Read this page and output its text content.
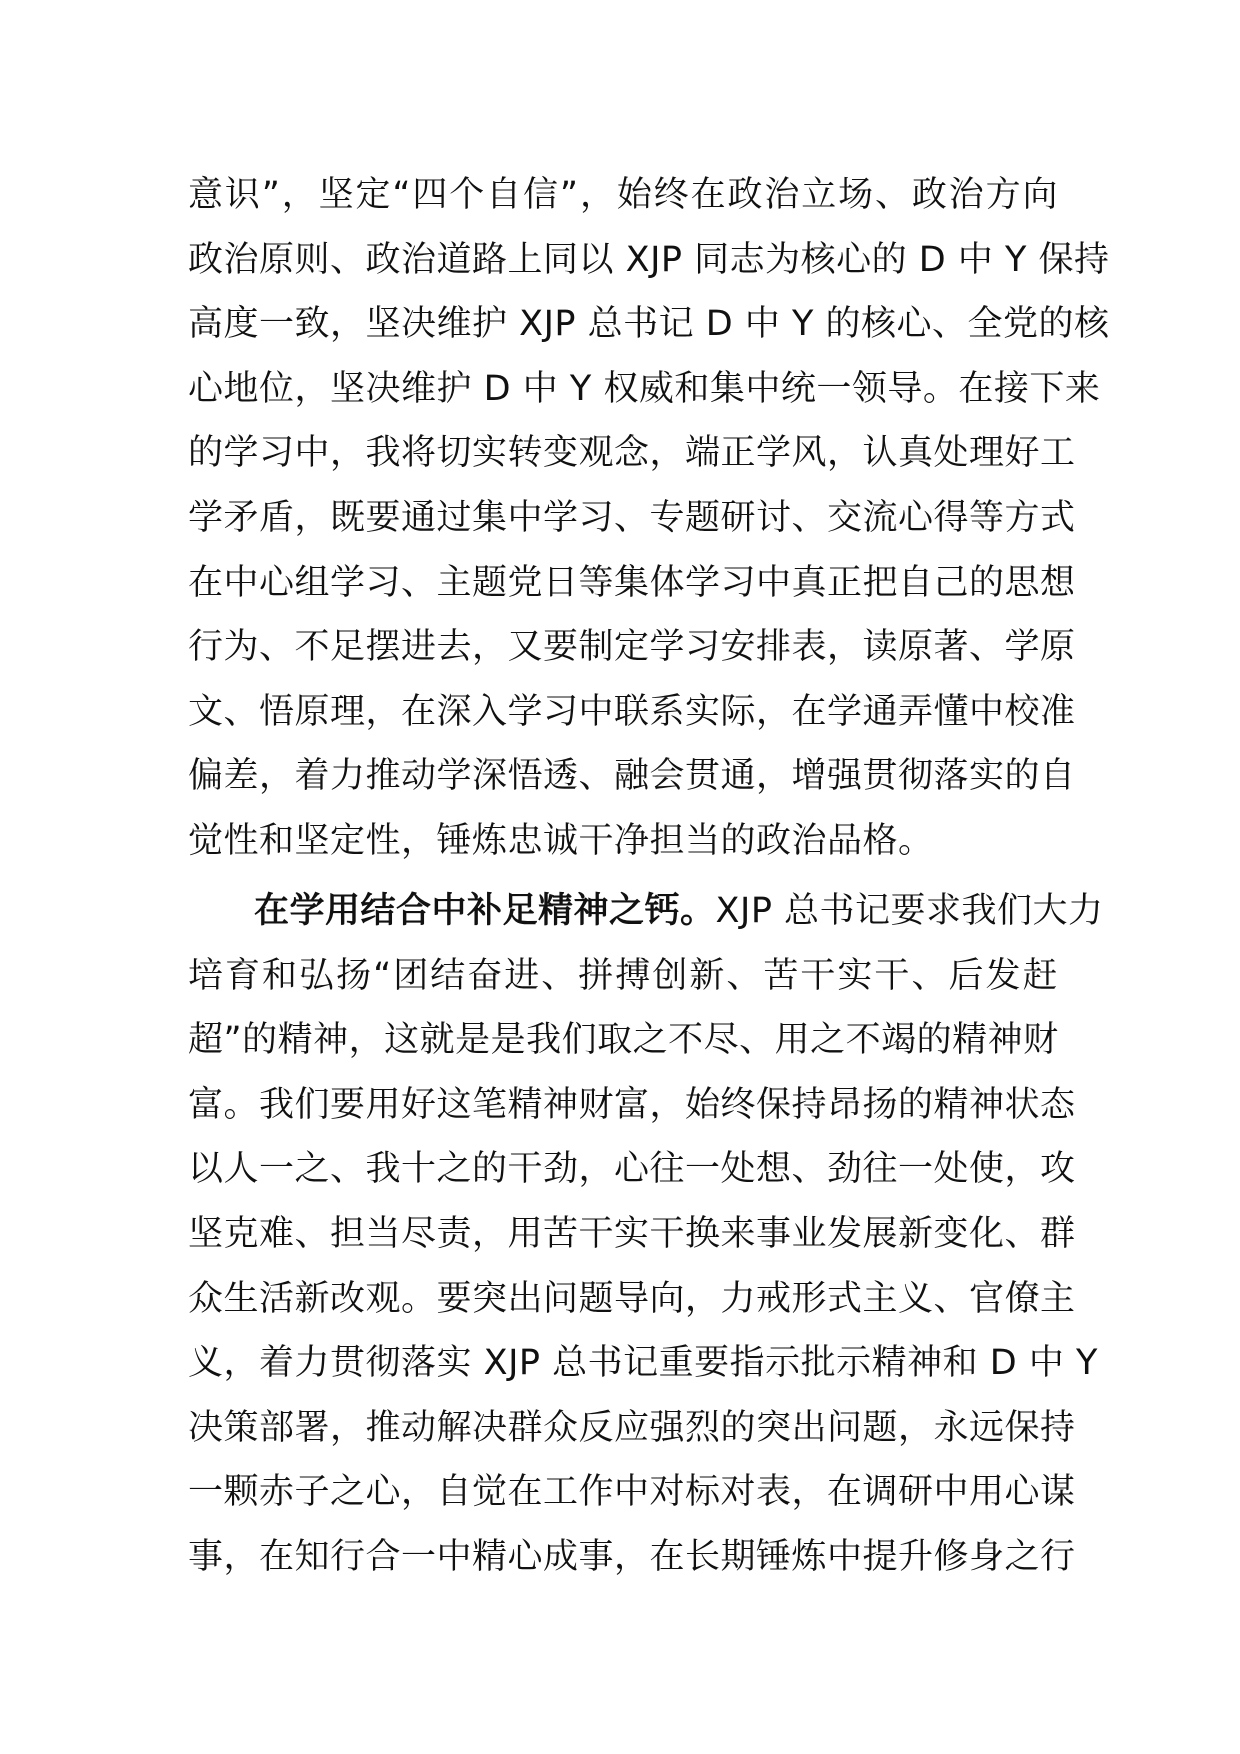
意识”，坚定“四个自信”，始终在政治立场、政治方向
政治原则、政治道路上同以 XJP 同志为核心的 D 中 Y 保持
高度一致，坚决维护 XJP 总书记 D 中 Y 的核心、全党的核
心地位，坚决维护 D 中 Y 权威和集中统一领导。在接下来
的学习中，我将切实转变观念，端正学风，认真处理好工
学矛盾，既要通过集中学习、专题研讨、交流心得等方式
在中心组学习、主题党日等集体学习中真正把自己的思想
行为、不足摆进去，又要制定学习安排表，读原著、学原
文、悟原理，在深入学习中联系实际，在学通弄懂中校准
偏差，着力推动学深悟透、融会贯通，增强贯彻落实的自
觉性和坚定性，锤炼忠诚干净担当的政治品格。
在学用结合中补足精神之钙。XJP 总书记要求我们大力
培育和弘扬“团结奋进、拼搏创新、苦干实干、后发赶
超”的精神，这就是是我们取之不尽、用之不竭的精神财
富。我们要用好这笔精神财富，始终保持昂扬的精神状态
以人一之、我十之的干劲，心往一处想、劲往一处使，攻
坚克难、担当尽责，用苦干实干换来事业发展新变化、群
众生活新改观。要突出问题导向，力戒形式主义、官僚主
义，着力贯彻落实 XJP 总书记重要指示批示精神和 D 中 Y
决策部署，推动解决群众反应强烈的突出问题，永远保持
一颗赤子之心，自觉在工作中对标对表，在调研中用心谋
事，在知行合一中精心成事，在长期锤炼中提升修身之行
